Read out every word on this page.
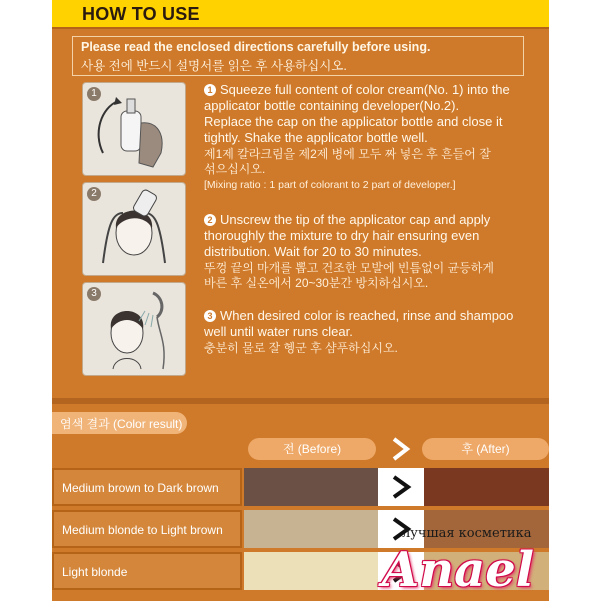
HOW TO USE
Please read the enclosed directions carefully before using.
사용 전에 반드시 설명서를 읽은 후 사용하십시오.
1	1 Squeeze full content of color cream(No. 1) into the
applicator bottle containing developer(No.2).
Replace the cap on the applicator bottle and close it
tightly. Shake the applicator bottle well.
제1제 칼라크림을 제2제 병에 모두 짜 넣은 후 흔들어 잘
섞으십시오.
[Mixing ratio : 1 part of colorant to 2 part of developer.]
2
2 Unscrew the tip of the applicator cap and apply
thoroughly the mixture to dry hair ensuring even
distribution. Wait for 20 to 30 minutes.
뚜껑 끝의 마개를 뽑고 건조한 모발에 빈틈없이 균등하게
바른 후 실온에서 20~30분간 방치하십시오.
3
3 When desired color is reached, rinse and shampoo
well until water runs clear.
충분히 물로 잘 헹군 후 샴푸하십시오.
염색 결과 (Color result)
전 (Before)	후 (After)
Medium brown to Dark brown
Medium blonde to Light brown
Light blonde
лучшая косметика
Anael
